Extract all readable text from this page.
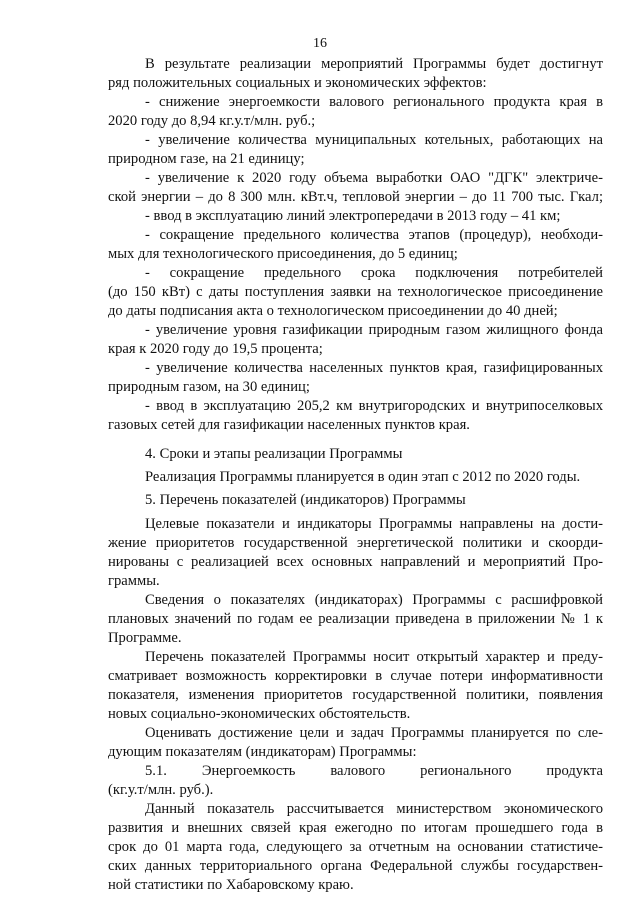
16
В результате реализации мероприятий Программы будет достигнут
ряд положительных социальных и экономических эффектов:
- снижение энергоемкости валового регионального продукта края в
2020 году до 8,94 кг.у.т/млн. руб.;
- увеличение количества муниципальных котельных, работающих на
природном газе, на 21 единицу;
- увеличение к 2020 году объема выработки ОАО "ДГК" электриче-
ской энергии – до 8 300 млн. кВт.ч, тепловой энергии – до 11 700 тыс. Гкал;
- ввод в эксплуатацию линий электропередачи в 2013 году – 41 км;
- сокращение предельного количества этапов (процедур), необходи-
мых для технологического присоединения, до 5 единиц;
- сокращение предельного срока подключения потребителей
(до 150 кВт) с даты поступления заявки на технологическое присоединение
до даты подписания акта о технологическом присоединении до 40 дней;
- увеличение уровня газификации природным газом жилищного фонда
края к 2020 году до 19,5 процента;
- увеличение количества населенных пунктов края, газифицированных
природным газом, на 30 единиц;
- ввод в эксплуатацию 205,2 км внутригородских и внутрипоселковых
газовых сетей для газификации населенных пунктов края.
4. Сроки и этапы реализации Программы
Реализация Программы планируется в один этап с 2012 по 2020 годы.
5. Перечень показателей (индикаторов) Программы
Целевые показатели и индикаторы Программы направлены на дости-
жение приоритетов государственной энергетической политики и скоорди-
нированы с реализацией всех основных направлений и мероприятий Про-
граммы.
Сведения о показателях (индикаторах) Программы с расшифровкой
плановых значений по годам ее реализации приведена в приложении № 1 к
Программе.
Перечень показателей Программы носит открытый характер и преду-
сматривает возможность корректировки в случае потери информативности
показателя, изменения приоритетов государственной политики, появления
новых социально-экономических обстоятельств.
Оценивать достижение цели и задач Программы планируется по сле-
дующим показателям (индикаторам) Программы:
5.1. Энергоемкость валового регионального продукта
(кг.у.т/млн. руб.).
Данный показатель рассчитывается министерством экономического
развития и внешних связей края ежегодно по итогам прошедшего года в
срок до 01 марта года, следующего за отчетным на основании статистиче-
ских данных территориального органа Федеральной службы государствен-
ной статистики по Хабаровскому краю.
